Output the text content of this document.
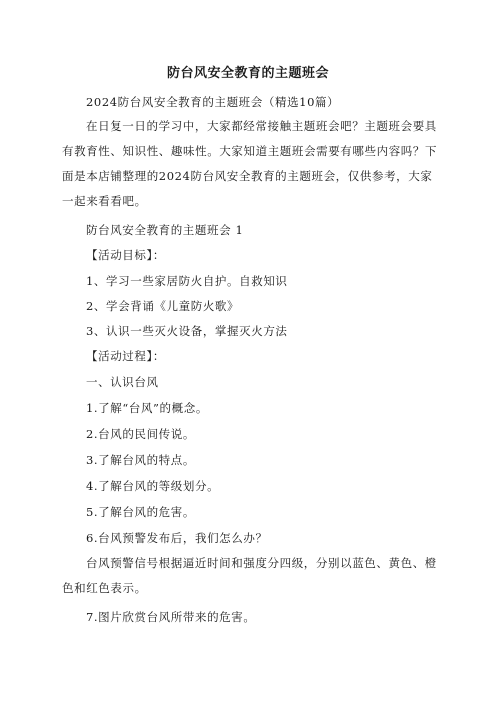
防台风安全教育的主题班会
2024防台风安全教育的主题班会（精选10篇）
在日复一日的学习中，大家都经常接触主题班会吧？主题班会要具有教育性、知识性、趣味性。大家知道主题班会需要有哪些内容吗？下面是本店铺整理的2024防台风安全教育的主题班会，仅供参考，大家一起来看看吧。
防台风安全教育的主题班会 1
【活动目标】：
1、学习一些家居防火自护。自救知识
2、学会背诵《儿童防火歌》
3、认识一些灭火设备，掌握灭火方法
【活动过程】：
一、认识台风
1.了解“台风”的概念。
2.台风的民间传说。
3.了解台风的特点。
4.了解台风的等级划分。
5.了解台风的危害。
6.台风预警发布后，我们怎么办？
台风预警信号根据逼近时间和强度分四级，分别以蓝色、黄色、橙色和红色表示。
7.图片欣赏台风所带来的危害。
